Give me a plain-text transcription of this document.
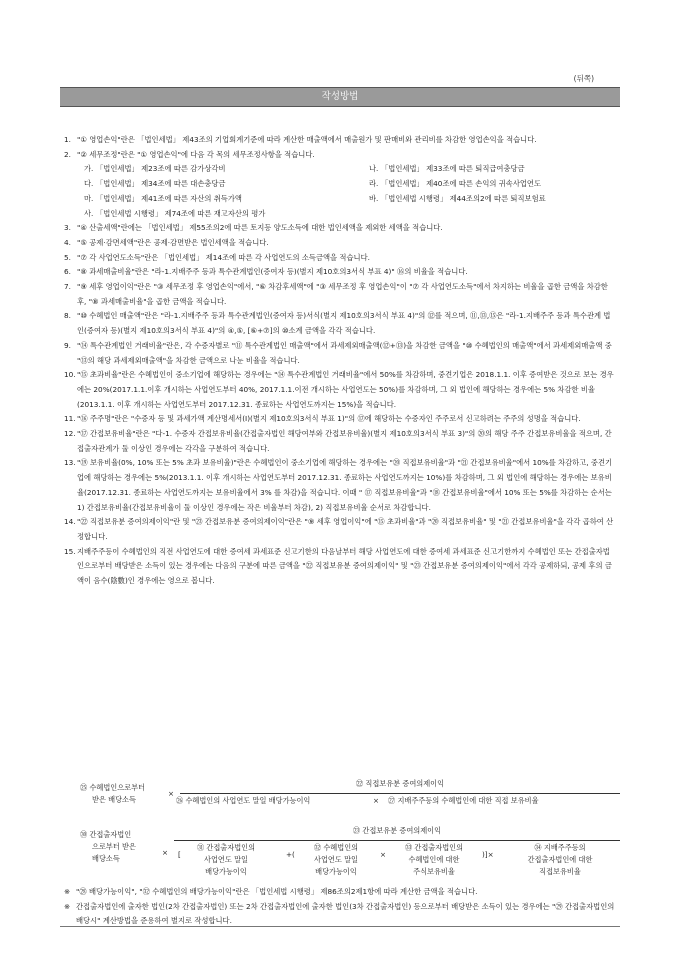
(뒤쪽)
작성방법
1. "① 영업손익"란은 「법인세법」 제43조의 기업회계기준에 따라 계산한 매출액에서 매출원가 및 판매비와 관리비를 차감한 영업손익을 적습니다.
2. "② 세무조정"란은 "① 영업손익"에 다음 각 목의 세무조정사항을 적습니다.
가. 「법인세법」 제23조에 따른 감가상각비	나. 「법인세법」 제33조에 따른 퇴직급여충당금
다. 「법인세법」 제34조에 따른 대손충당금	라. 「법인세법」 제40조에 따른 손익의 귀속사업연도
마. 「법인세법」 제41조에 따른 자산의 취득가액	바. 「법인세법 시행령」 제44조의2에 따른 퇴직보험료
사. 「법인세법 시행령」 제74조에 따른 재고자산의 평가
3. "④ 산출세액"란에는 「법인세법」 제55조의2에 따른 토지등 양도소득에 대한 법인세액을 제외한 세액을 적습니다.
4. "⑤ 공제·감면세액"란은 공제·감면받은 법인세액을 적습니다.
5. "⑦ 각 사업연도소득"란은 「법인세법」 제14조에 따른 각 사업연도의 소득금액을 적습니다.
6. "⑧ 과세매출비율"란은 "라-1.지배주주 등과 특수관계법인(증여자 등)(별지 제10호의3서식 부표 4)" ⑯의 비율을 적습니다.
7. "⑨ 세후 영업이익"란은 "③ 세무조정 후 영업손익"에서, "⑥ 차감후세액"에 "③ 세무조정 후 영업손익"이 "⑦ 각 사업연도소득"에서 차지하는 비율을 곱한 금액을 차감한 후, "⑧ 과세매출비율"을 곱한 금액을 적습니다.
8. "⑩ 수혜법인 매출액"란은 "라-1.지배주주 등과 특수관계법인(증여자 등)서식(별지 제10호의3서식 부표 4)"의 ⑫를 적으며, ⑪,⑬,⑮은 "라-1.지배주주 등과 특수관계 법인(증여자 등)(별지 제10호의3서식 부표 4)"의 ④,⑤, [⑥+⑦]의 ⑩소계 금액을 각각 적습니다.
9. "⑭ 특수관계법인 거래비율"란은, 각 수증자별로 "⑪ 특수관계법인 매출액"에서 과세제외매출액(⑫+⑬)을 차감한 금액을 "⑩ 수혜법인의 매출액"에서 과세제외매출액 중 "⑬의 해당 과세제외매출액"을 차감한 금액으로 나눈 비율을 적습니다.
10. "⑮ 초과비율"란은 수혜법인이 중소기업에 해당하는 경우에는 "⑭ 특수관계법인 거래비율"에서 50%를 차감하며, 중견기업은 2018.1.1. 이후 증여받은 것으로 보는 경우에는 20%(2017.1.1.이후 개시하는 사업연도부터 40%, 2017.1.1.이전 개시하는 사업연도는 50%)를 차감하며, 그 외 법인에 해당하는 경우에는 5% 차감한 비율(2013.1.1. 이후 개시하는 사업연도부터 2017.12.31. 종료하는 사업연도까지는 15%)을 적습니다.
11. "⑯ 주주명"란은 "수증자 등 및 과세가액 계산명세서(Ⅰ)(별지 제10호의3서식 부표 1)"의 ⑰에 해당하는 수증자인 주주로서 신고하려는 주주의 성명을 적습니다.
12. "⑰ 간접보유비율"란은 "다-1. 수증자 간접보유비율(간접출자법인 해당여부와 간접보유비율)(별지 제10호의3서식 부표 3)"의 ⑳의 해당 주주 간접보유비율을 적으며, 간접출자관계가 둘 이상인 경우에는 각각을 구분하여 적습니다.
13. "⑲ 보유비율(0%, 10% 또는 5% 초과 보유비율)"란은 수혜법인이 중소기업에 해당하는 경우에는 "⑳ 직접보유비율"과 "㉑ 간접보유비율"에서 10%를 차감하고, 중견기업에 해당하는 경우에는 5%(2013.1.1. 이후 개시하는 사업연도부터 2017.12.31. 종료하는 사업연도까지는 10%)를 차감하며, 그 외 법인에 해당하는 경우에는 보유비율(2017.12.31. 종료하는 사업연도까지는 보유비율에서 3% 를 차감)을 적습니다. 이때 " ⑰ 직접보유비율"과 "⑱ 간접보유비율"에서 10% 또는 5%를 차감하는 순서는 1) 간접보유비율(간접보유비율이 둘 이상인 경우에는 작은 비율부터 차감), 2) 직접보유비율 순서로 차감합니다.
14. "㉒ 직접보유분 증여의제이익"란 및 "㉓ 간접보유분 증여의제이익"란은 "⑨ 세후 영업이익"에 "⑮ 초과비율"과 "⑳ 직접보유비율" 및 "㉑ 간접보유비율"을 각각 곱하여 산정합니다.
15. 지배주주등이 수혜법인의 직전 사업연도에 대한 증여세 과세표준 신고기한의 다음날부터 해당 사업연도에 대한 증여세 과세표준 신고기한까지 수혜법인 또는 간접출자법인으로부터 배당받은 소득이 있는 경우에는 다음의 구분에 따른 금액을 "㉒ 직접보유분 증여의제이익" 및 "㉓ 간접보유분 증여의제이익"에서 각각 공제하되, 공제 후의 금액이 음수(陰數)인 경우에는 영으로 봅니다.
㉕ 수혜법인으로부터
받은 배당소득
×
㉒ 직접보유분 증여의제이익
㉖ 수혜법인의 사업연도 말일 배당가능이익	× ㉗ 지배주주등의 수혜법인에 대한 직접 보유비율
㉚ 간접출자법인
으로부터 받은
배당소득
×
㉓ 간접보유분 증여의제이익
[
㉛ 간접출자법인의
사업연도 말일
배당가능이익
+(
㉜ 수혜법인의
사업연도 말일
배당가능이익
×
㉝ 간접출자법인의
수혜법인에 대한
주식보유비율
)]×
㉞ 지배주주등의
간접출자법인에 대한
직접보유비율
※ "㉘ 배당가능이익", "㉜ 수혜법인의 배당가능이익"란은 「법인세법 시행령」 제86조의2제1항에 따라 계산한 금액을 적습니다.
※ 간접출자법인에 출자한 법인(2차 간접출자법인) 또는 2차 간접출자법인에 출자한 법인(3차 간접출자법인) 등으로부터 배당받은 소득이 있는 경우에는 "㉙ 간접출자법인의 배당시" 계산방법을 준용하여 별지로 작성합니다.
